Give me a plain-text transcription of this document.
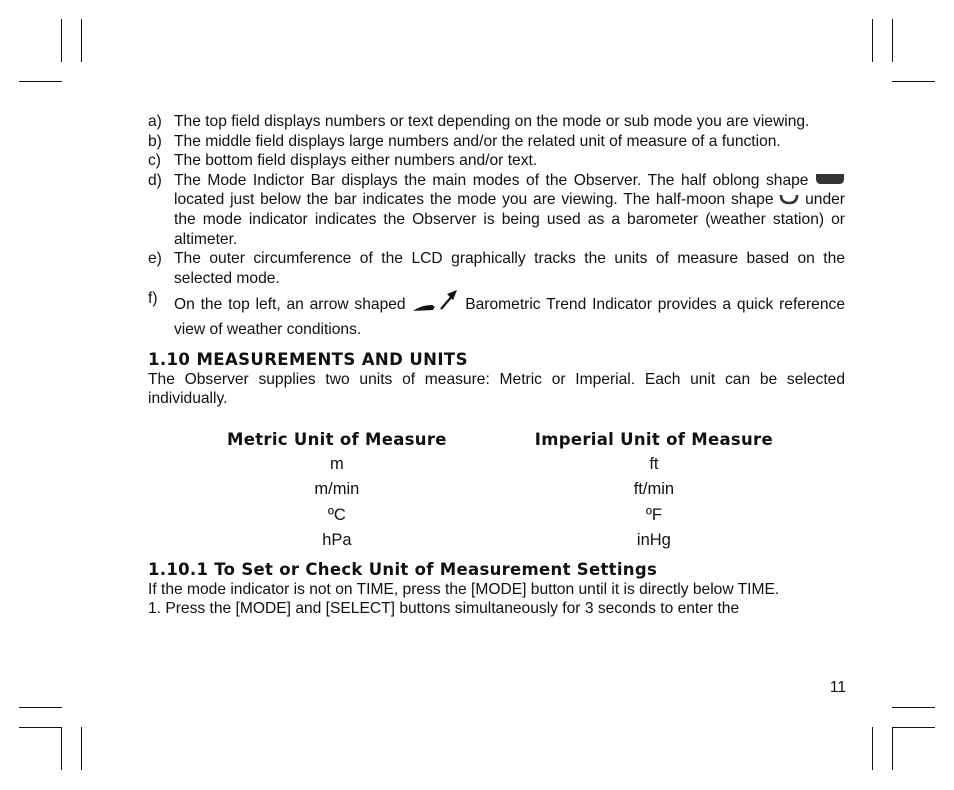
a) The top field displays numbers or text depending on the mode or sub mode you are viewing.
b) The middle field displays large numbers and/or the related unit of measure of a function.
c) The bottom field displays either numbers and/or text.
d) The Mode Indictor Bar displays the main modes of the Observer. The half oblong shape  located just below the bar indicates the mode you are viewing. The half-moon shape under the mode indicator indicates the Observer is being used as a barometer (weather station) or altimeter.
e) The outer circumference of the LCD graphically tracks the units of measure based on the selected mode.
f)	On the top left, an arrow shaped	Barometric Trend Indicator provides a quick reference view of weather conditions.
1.10 MEASUREMENTS AND UNITS
The Observer supplies two units of measure: Metric or Imperial. Each unit can be selected individually.
Metric Unit of Measure
m
m/min
ºC
hPa
Imperial Unit of Measure
ft
ft/min
ºF
inHg
1.10.1 To Set or Check Unit of Measurement Settings
If the mode indicator is not on TIME, press the [MODE] button until it is directly below TIME.
1. Press the [MODE] and [SELECT] buttons simultaneously for 3 seconds to enter the
11
